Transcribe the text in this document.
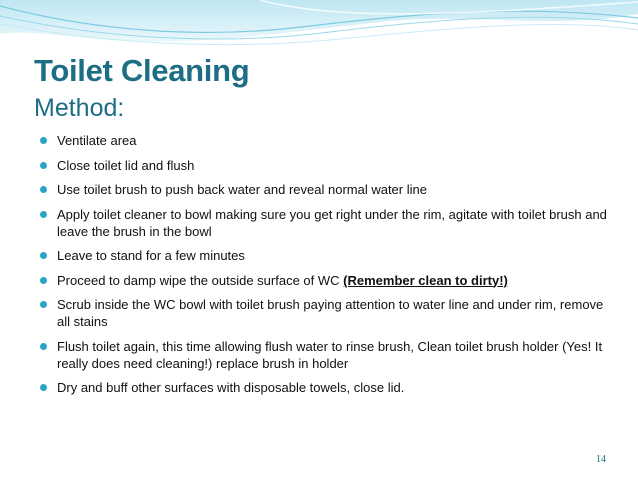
Toilet Cleaning
Method:
Ventilate area
Close toilet lid and flush
Use toilet brush to push back water and reveal normal water line
Apply toilet cleaner to bowl making sure you get right under the rim, agitate with toilet brush and leave the brush in the bowl
Leave to stand for a few minutes
Proceed to damp wipe the outside surface of WC (Remember clean to dirty!)
Scrub inside the WC bowl with toilet brush paying attention to water line and under rim, remove all stains
Flush toilet again, this time allowing flush water to rinse brush, Clean toilet brush holder (Yes! It really does need cleaning!) replace brush in holder
Dry and buff other surfaces with disposable towels, close lid.
14
